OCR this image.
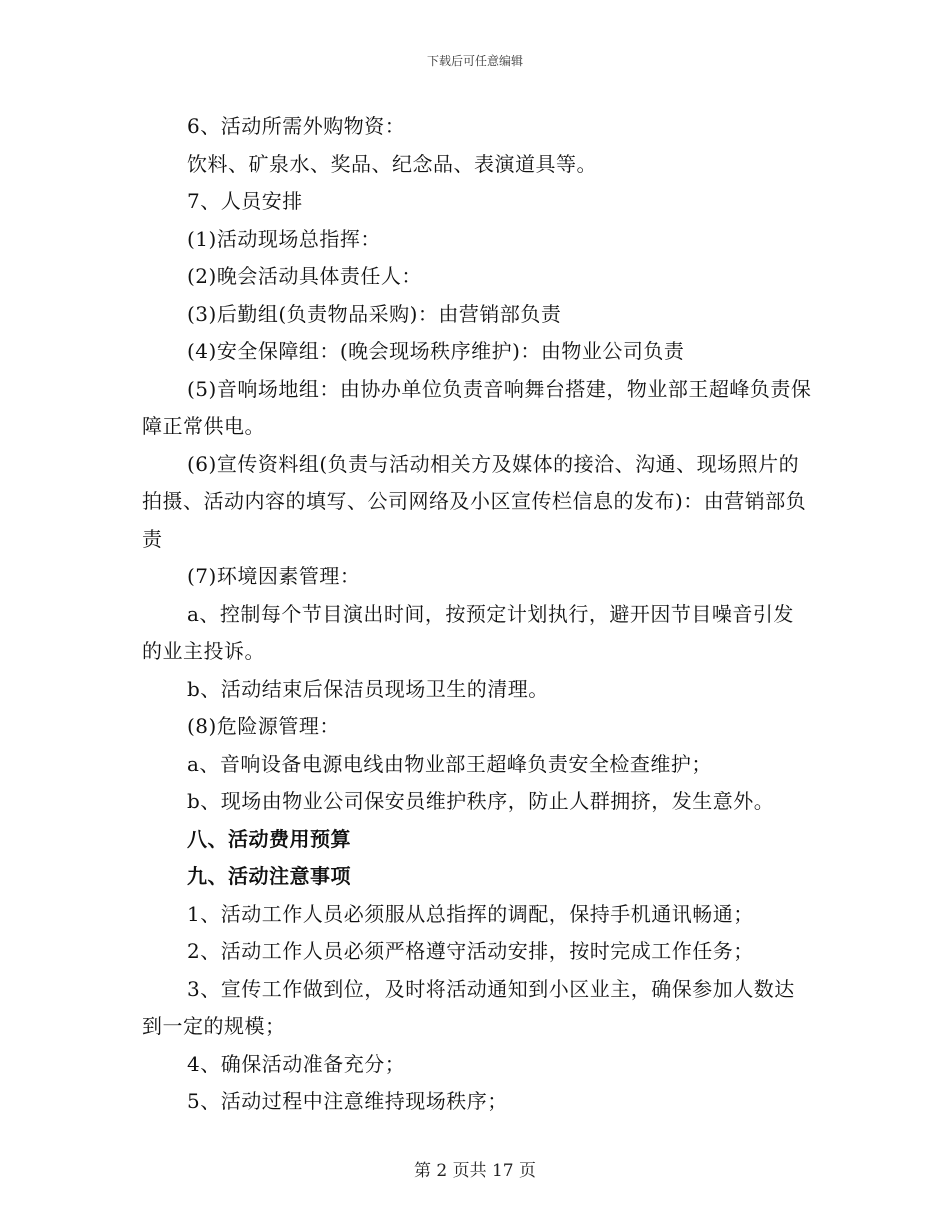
下载后可任意编辑

6、活动所需外购物资：

饮料、矿泉水、奖品、纪念品、表演道具等。

7、人员安排

(1)活动现场总指挥：

(2)晚会活动具体责任人：

(3)后勤组(负责物品采购)：由营销部负责

(4)安全保障组：(晚会现场秩序维护)：由物业公司负责

(5)音响场地组：由协办单位负责音响舞台搭建，物业部王超峰负责保障正常供电。

(6)宣传资料组(负责与活动相关方及媒体的接洽、沟通、现场照片的拍摄、活动内容的填写、公司网络及小区宣传栏信息的发布)：由营销部负责

(7)环境因素管理：

a、控制每个节目演出时间，按预定计划执行，避开因节目噪音引发的业主投诉。

b、活动结束后保洁员现场卫生的清理。

(8)危险源管理：

a、音响设备电源电线由物业部王超峰负责安全检查维护；

b、现场由物业公司保安员维护秩序，防止人群拥挤，发生意外。

八、活动费用预算

九、活动注意事项

1、活动工作人员必须服从总指挥的调配，保持手机通讯畅通；

2、活动工作人员必须严格遵守活动安排，按时完成工作任务；

3、宣传工作做到位，及时将活动通知到小区业主，确保参加人数达到一定的规模；

4、确保活动准备充分；

5、活动过程中注意维持现场秩序；

第 2 页共 17 页
